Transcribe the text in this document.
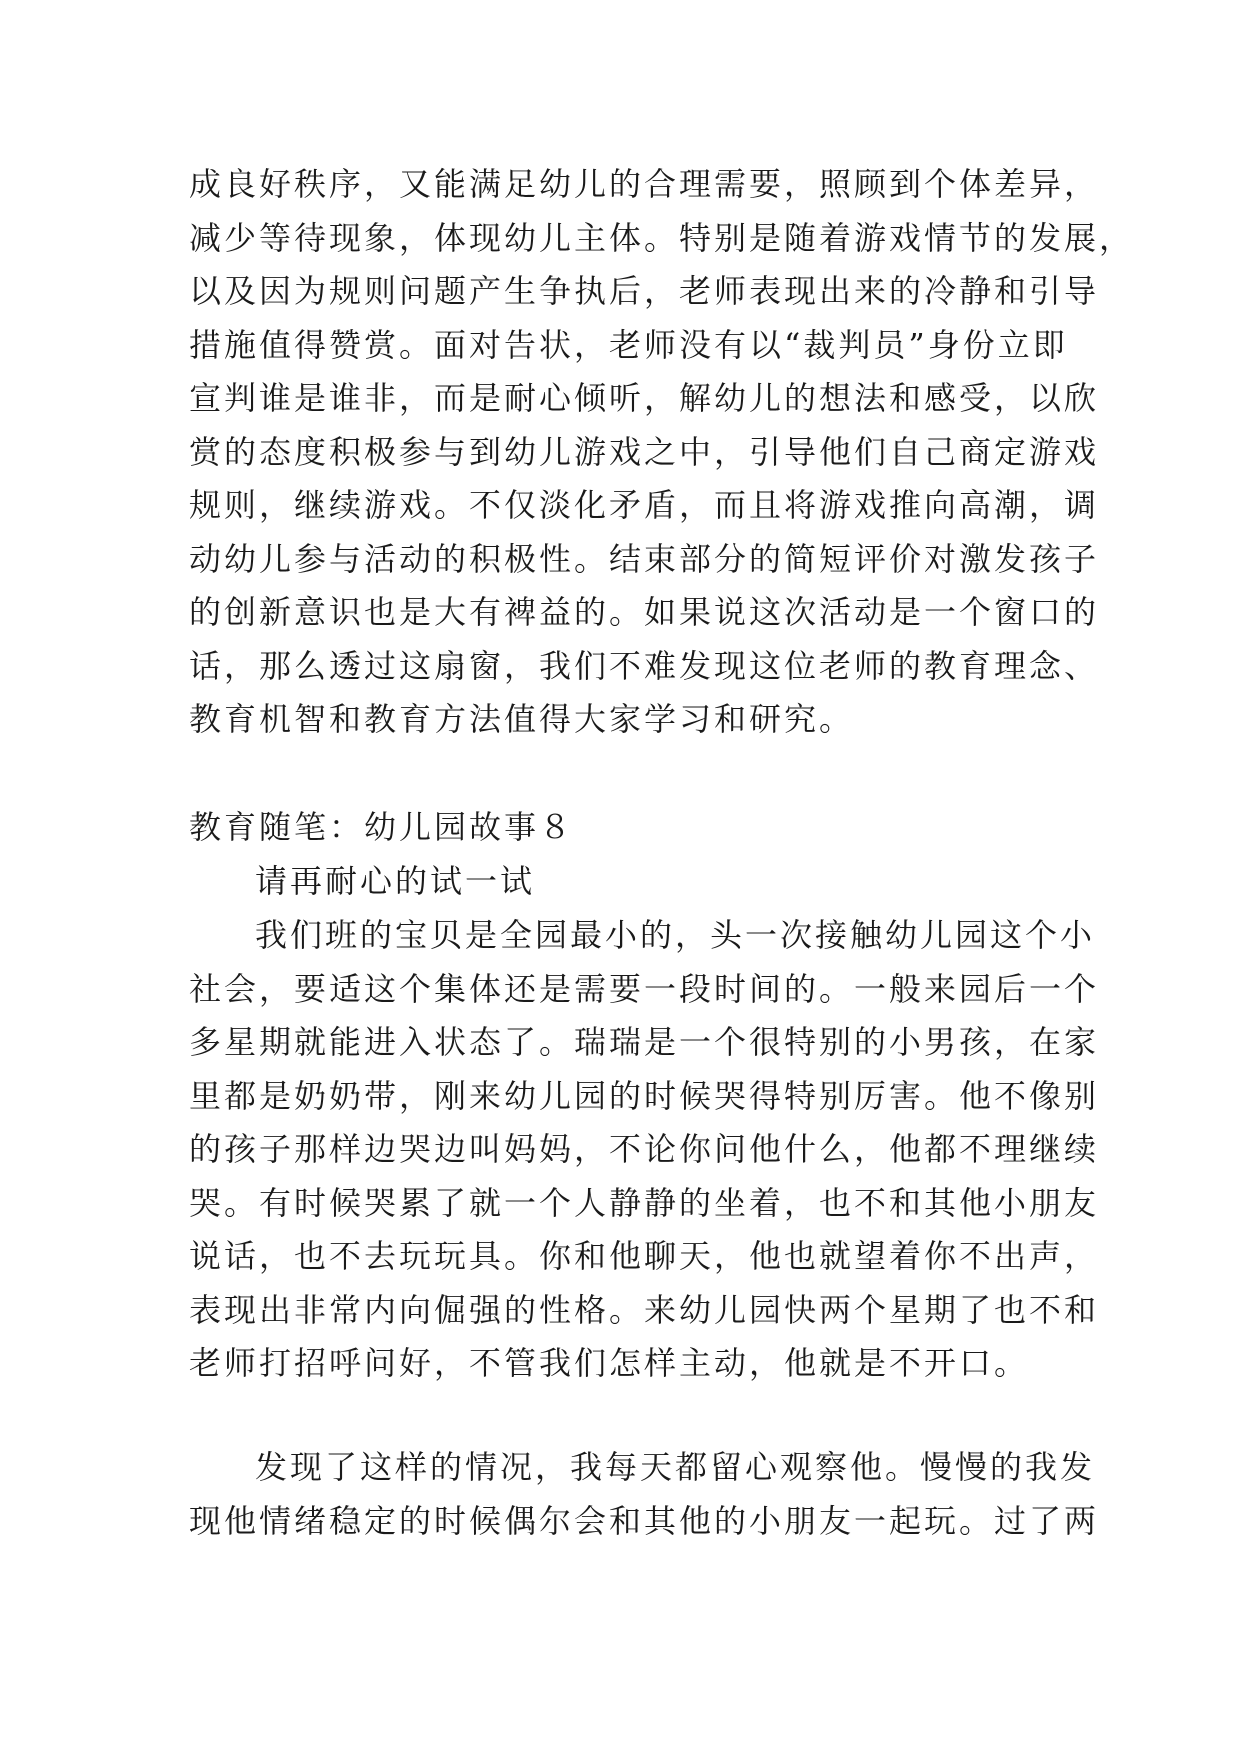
成良好秩序，又能满足幼儿的合理需要，照顾到个体差异，
减少等待现象，体现幼儿主体。特别是随着游戏情节的发展，
以及因为规则问题产生争执后，老师表现出来的冷静和引导
措施值得赞赏。面对告状，老师没有以“裁判员”身份立即
宣判谁是谁非，而是耐心倾听，解幼儿的想法和感受，以欣
赏的态度积极参与到幼儿游戏之中，引导他们自己商定游戏
规则，继续游戏。不仅淡化矛盾，而且将游戏推向高潮，调
动幼儿参与活动的积极性。结束部分的简短评价对激发孩子
的创新意识也是大有裨益的。如果说这次活动是一个窗口的
话，那么透过这扇窗，我们不难发现这位老师的教育理念、
教育机智和教育方法值得大家学习和研究。
教育随笔：幼儿园故事８
请再耐心的试一试
我们班的宝贝是全园最小的，头一次接触幼儿园这个小
社会，要适这个集体还是需要一段时间的。一般来园后一个
多星期就能进入状态了。瑞瑞是一个很特别的小男孩，在家
里都是奶奶带，刚来幼儿园的时候哭得特别厉害。他不像别
的孩子那样边哭边叫妈妈，不论你问他什么，他都不理继续
哭。有时候哭累了就一个人静静的坐着，也不和其他小朋友
说话，也不去玩玩具。你和他聊天，他也就望着你不出声，
表现出非常内向倔强的性格。来幼儿园快两个星期了也不和
老师打招呼问好，不管我们怎样主动，他就是不开口。
发现了这样的情况，我每天都留心观察他。慢慢的我发
现他情绪稳定的时候偶尔会和其他的小朋友一起玩。过了两
